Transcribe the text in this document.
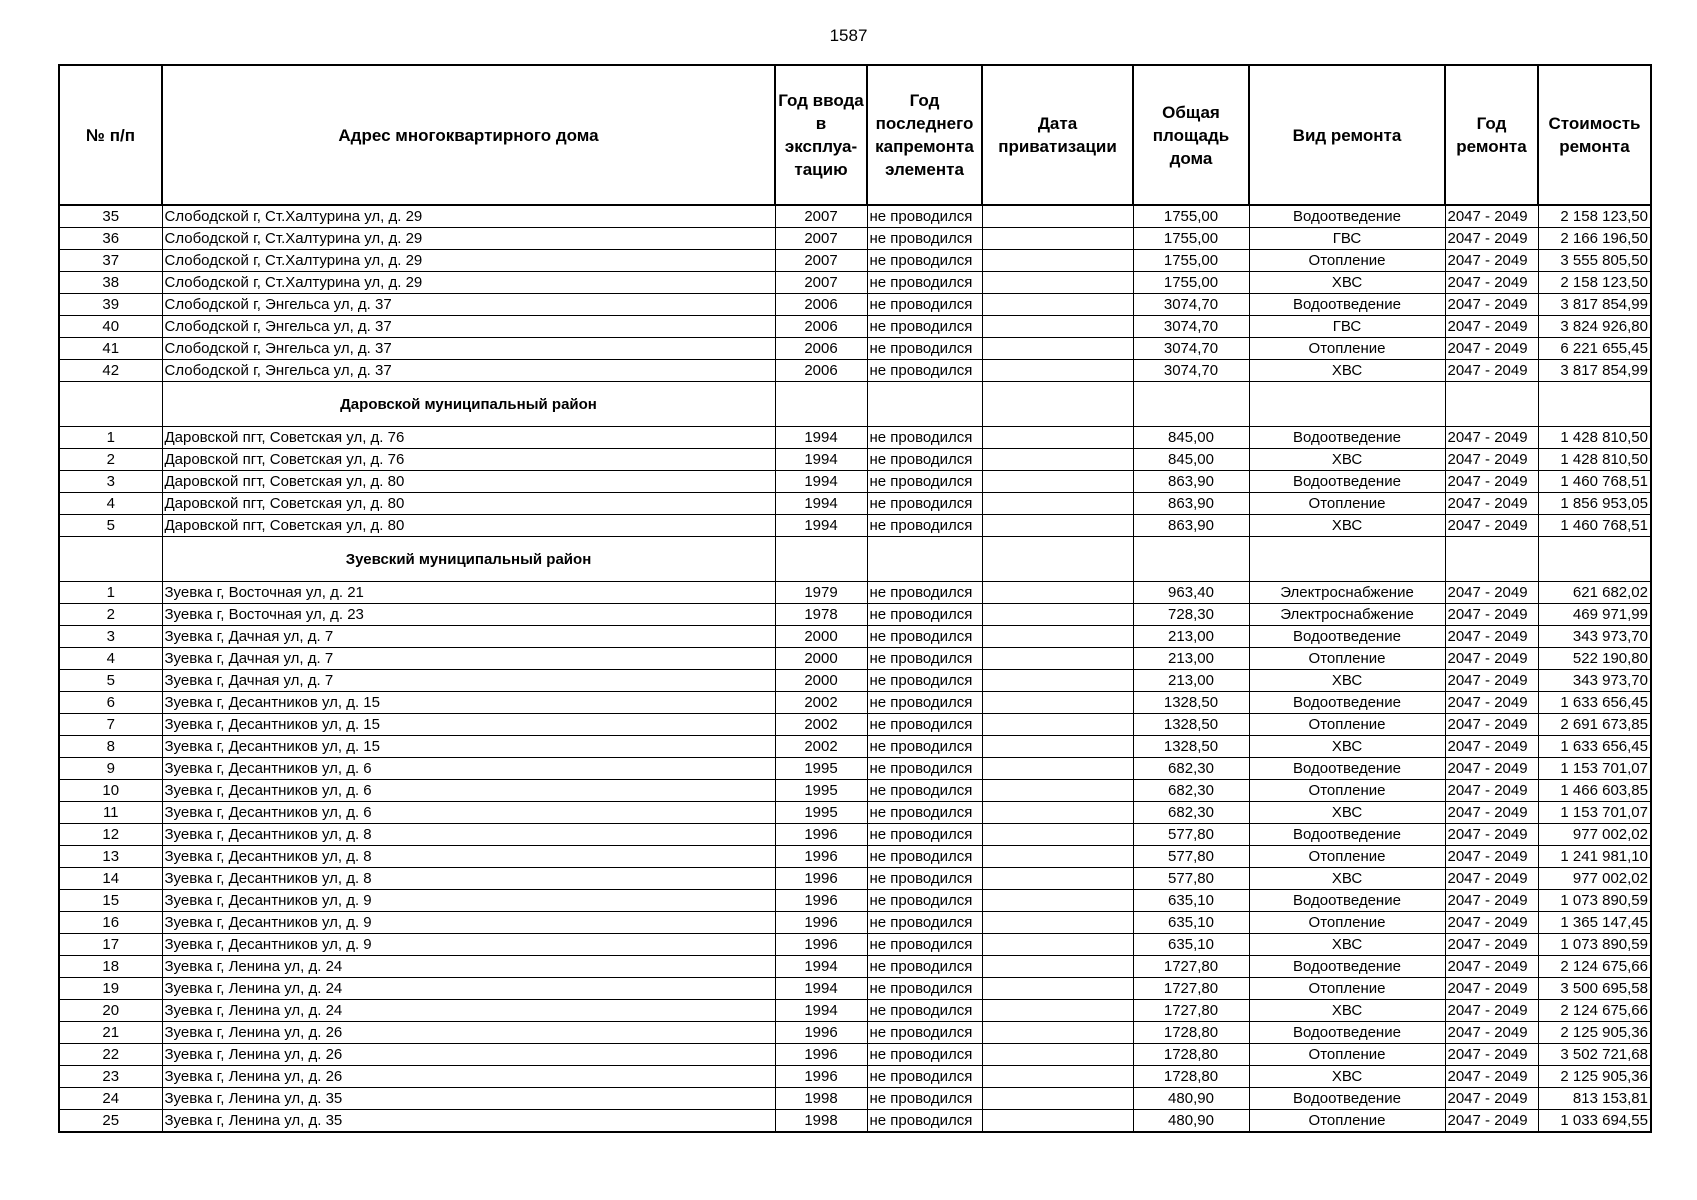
1587
№ п/п	Адрес многоквартирного дома	Год ввода в эксплуа-тацию	Год последнего капремонта элемента	Дата приватизации	Общая площадь дома	Вид ремонта	Год ремонта	Стоимость ремонта
35	Слободской г, Ст.Халтурина ул, д. 29	2007	не проводился		1755,00	Водоотведение	2047 - 2049	2 158 123,50
36	Слободской г, Ст.Халтурина ул, д. 29	2007	не проводился		1755,00	ГВС	2047 - 2049	2 166 196,50
37	Слободской г, Ст.Халтурина ул, д. 29	2007	не проводился		1755,00	Отопление	2047 - 2049	3 555 805,50
38	Слободской г, Ст.Халтурина ул, д. 29	2007	не проводился		1755,00	ХВС	2047 - 2049	2 158 123,50
39	Слободской г, Энгельса ул, д. 37	2006	не проводился		3074,70	Водоотведение	2047 - 2049	3 817 854,99
40	Слободской г, Энгельса ул, д. 37	2006	не проводился		3074,70	ГВС	2047 - 2049	3 824 926,80
41	Слободской г, Энгельса ул, д. 37	2006	не проводился		3074,70	Отопление	2047 - 2049	6 221 655,45
42	Слободской г, Энгельса ул, д. 37	2006	не проводился		3074,70	ХВС	2047 - 2049	3 817 854,99
	Даровской муниципальный район							
1	Даровской пгт, Советская ул, д. 76	1994	не проводился		845,00	Водоотведение	2047 - 2049	1 428 810,50
2	Даровской пгт, Советская ул, д. 76	1994	не проводился		845,00	ХВС	2047 - 2049	1 428 810,50
3	Даровской пгт, Советская ул, д. 80	1994	не проводился		863,90	Водоотведение	2047 - 2049	1 460 768,51
4	Даровской пгт, Советская ул, д. 80	1994	не проводился		863,90	Отопление	2047 - 2049	1 856 953,05
5	Даровской пгт, Советская ул, д. 80	1994	не проводился		863,90	ХВС	2047 - 2049	1 460 768,51
	Зуевский муниципальный район							
1	Зуевка г, Восточная ул, д. 21	1979	не проводился		963,40	Электроснабжение	2047 - 2049	621 682,02
2	Зуевка г, Восточная ул, д. 23	1978	не проводился		728,30	Электроснабжение	2047 - 2049	469 971,99
3	Зуевка г, Дачная ул, д. 7	2000	не проводился		213,00	Водоотведение	2047 - 2049	343 973,70
4	Зуевка г, Дачная ул, д. 7	2000	не проводился		213,00	Отопление	2047 - 2049	522 190,80
5	Зуевка г, Дачная ул, д. 7	2000	не проводился		213,00	ХВС	2047 - 2049	343 973,70
6	Зуевка г, Десантников ул, д. 15	2002	не проводился		1328,50	Водоотведение	2047 - 2049	1 633 656,45
7	Зуевка г, Десантников ул, д. 15	2002	не проводился		1328,50	Отопление	2047 - 2049	2 691 673,85
8	Зуевка г, Десантников ул, д. 15	2002	не проводился		1328,50	ХВС	2047 - 2049	1 633 656,45
9	Зуевка г, Десантников ул, д. 6	1995	не проводился		682,30	Водоотведение	2047 - 2049	1 153 701,07
10	Зуевка г, Десантников ул, д. 6	1995	не проводился		682,30	Отопление	2047 - 2049	1 466 603,85
11	Зуевка г, Десантников ул, д. 6	1995	не проводился		682,30	ХВС	2047 - 2049	1 153 701,07
12	Зуевка г, Десантников ул, д. 8	1996	не проводился		577,80	Водоотведение	2047 - 2049	977 002,02
13	Зуевка г, Десантников ул, д. 8	1996	не проводился		577,80	Отопление	2047 - 2049	1 241 981,10
14	Зуевка г, Десантников ул, д. 8	1996	не проводился		577,80	ХВС	2047 - 2049	977 002,02
15	Зуевка г, Десантников ул, д. 9	1996	не проводился		635,10	Водоотведение	2047 - 2049	1 073 890,59
16	Зуевка г, Десантников ул, д. 9	1996	не проводился		635,10	Отопление	2047 - 2049	1 365 147,45
17	Зуевка г, Десантников ул, д. 9	1996	не проводился		635,10	ХВС	2047 - 2049	1 073 890,59
18	Зуевка г, Ленина ул, д. 24	1994	не проводился		1727,80	Водоотведение	2047 - 2049	2 124 675,66
19	Зуевка г, Ленина ул, д. 24	1994	не проводился		1727,80	Отопление	2047 - 2049	3 500 695,58
20	Зуевка г, Ленина ул, д. 24	1994	не проводился		1727,80	ХВС	2047 - 2049	2 124 675,66
21	Зуевка г, Ленина ул, д. 26	1996	не проводился		1728,80	Водоотведение	2047 - 2049	2 125 905,36
22	Зуевка г, Ленина ул, д. 26	1996	не проводился		1728,80	Отопление	2047 - 2049	3 502 721,68
23	Зуевка г, Ленина ул, д. 26	1996	не проводился		1728,80	ХВС	2047 - 2049	2 125 905,36
24	Зуевка г, Ленина ул, д. 35	1998	не проводился		480,90	Водоотведение	2047 - 2049	813 153,81
25	Зуевка г, Ленина ул, д. 35	1998	не проводился		480,90	Отопление	2047 - 2049	1 033 694,55
